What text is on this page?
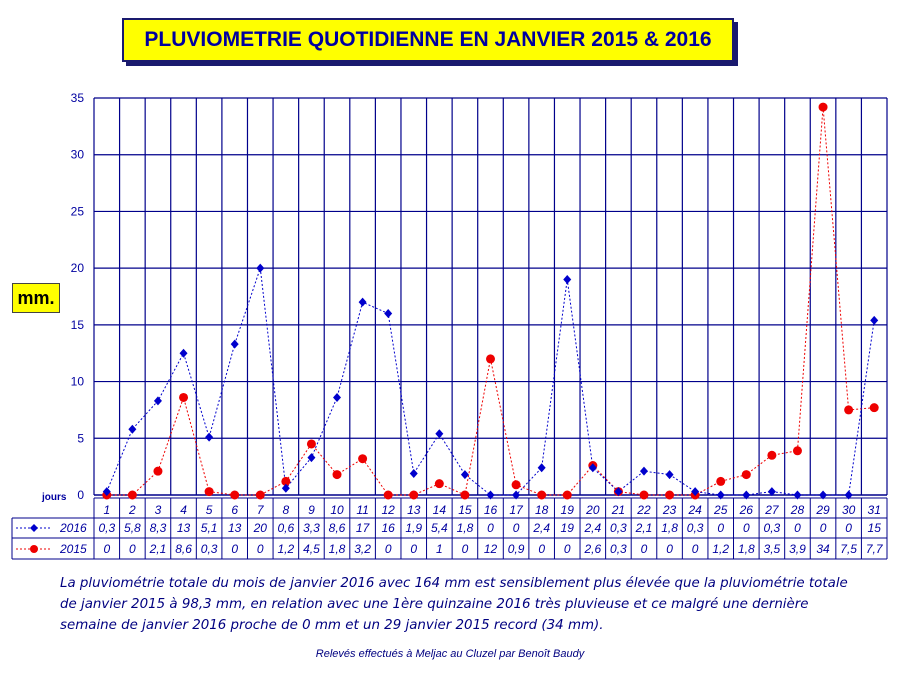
PLUVIOMETRIE QUOTIDIENNE EN JANVIER 2015 & 2016
mm.
0
5
10
15
20
25
30
35
jours
1 2 3 4 5 6 7 8 9 10 11 12 13 14 15 16 17 18 19 20 21 22 23 24 25 26 27 28 29 30 31
2016 0,3 5,8 8,3 13 5,1 13 20 0,6 3,3 8,6 17 16 1,9 5,4 1,8 0 0 2,4 19 2,4 0,3 2,1 1,8 0,3 0 0 0,3 0 0 0 15
2015 0 0 2,1 8,6 0,3 0 0 1,2 4,5 1,8 3,2 0 0 1 0 12 0,9 0 0 2,6 0,3 0 0 0 1,2 1,8 3,5 3,9 34 7,5 7,7
La pluviométrie totale du mois de janvier 2016 avec 164 mm est sensiblement plus élevée que la pluviométrie totale de janvier 2015 à 98,3 mm, en relation avec une 1ère quinzaine 2016 très pluvieuse et ce malgré une dernière semaine de janvier 2016 proche de 0 mm et un 29 janvier 2015 record (34 mm).
Relevés effectués à Meljac au Cluzel par Benoît Baudy
